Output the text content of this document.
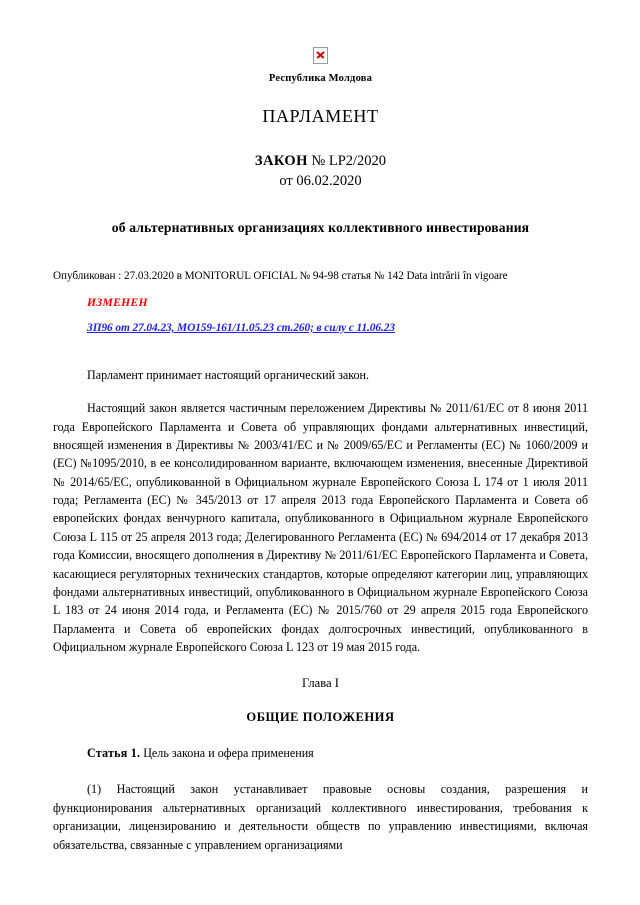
Республика Молдова
ПАРЛАМЕНТ
ЗАКОН № LP2/2020
от 06.02.2020
об альтернативных организациях коллективного инвестирования
Опубликован : 27.03.2020 в MONITORUL OFICIAL № 94-98 статья № 142 Data intrării în vigoare
ИЗМЕНЕН
ЗП96 от 27.04.23, МО159-161/11.05.23 ст.260; в силу с 11.06.23

Парламент принимает настоящий органический закон.

Настоящий закон является частичным переложением Директивы № 2011/61/EC от 8 июня 2011 года Европейского Парламента и Совета об управляющих фондами альтернативных инвестиций, вносящей изменения в Директивы № 2003/41/EC и № 2009/65/EC и Регламенты (ЕС) № 1060/2009 и (ЕС) №1095/2010, в ее консолидированном варианте, включающем изменения, внесенные Директивой № 2014/65/EC, опубликованной в Официальном журнале Европейского Союза L 174 от 1 июля 2011 года; Регламента (ЕС) № 345/2013 от 17 апреля 2013 года Европейского Парламента и Совета об европейских фондах венчурного капитала, опубликованного в Официальном журнале Европейского Союза L 115 от 25 апреля 2013 года; Делегированного Регламента (ЕС) № 694/2014 от 17 декабря 2013 года Комиссии, вносящего дополнения в Директиву № 2011/61/EC Европейского Парламента и Совета, касающиеся регуляторных технических стандартов, которые определяют категории лиц, управляющих фондами альтернативных инвестиций, опубликованного в Официальном журнале Европейского Союза L 183 от 24 июня 2014 года, и Регламента (ЕС) № 2015/760 от 29 апреля 2015 года Европейского Парламента и Совета об европейских фондах долгосрочных инвестиций, опубликованного в Официальном журнале Европейского Союза L 123 от 19 мая 2015 года.

Глава I
ОБЩИЕ ПОЛОЖЕНИЯ
Статья 1. Цель закона и офера применения

(1) Настоящий закон устанавливает правовые основы создания, разрешения и функционирования альтернативных организаций коллективного инвестирования, требования к организации, лицензированию и деятельности обществ по управлению инвестициями, включая обязательства, связанные с управлением организациями
